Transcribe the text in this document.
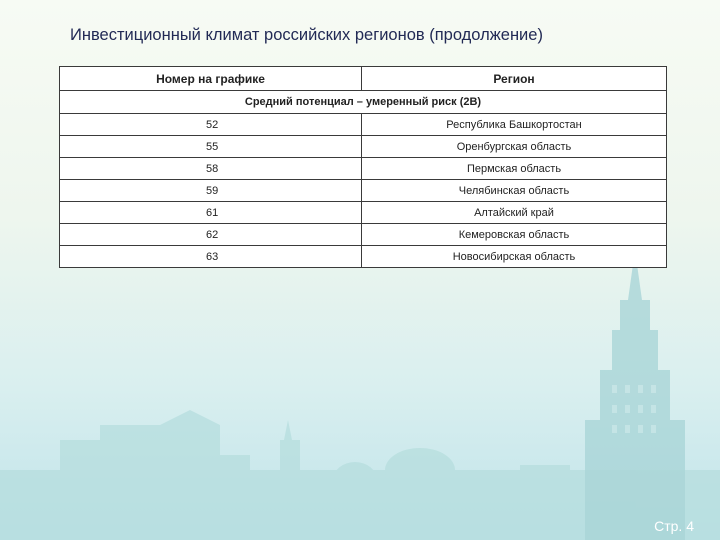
Инвестиционный климат российских регионов (продолжение)
Номер на графике	Регион
Средний потенциал – умеренный риск (2В)	
52	Республика Башкортостан
55	Оренбургская область
58	Пермская область
59	Челябинская область
61	Алтайский край
62	Кемеровская область
63	Новосибирская область
Стр. 4
